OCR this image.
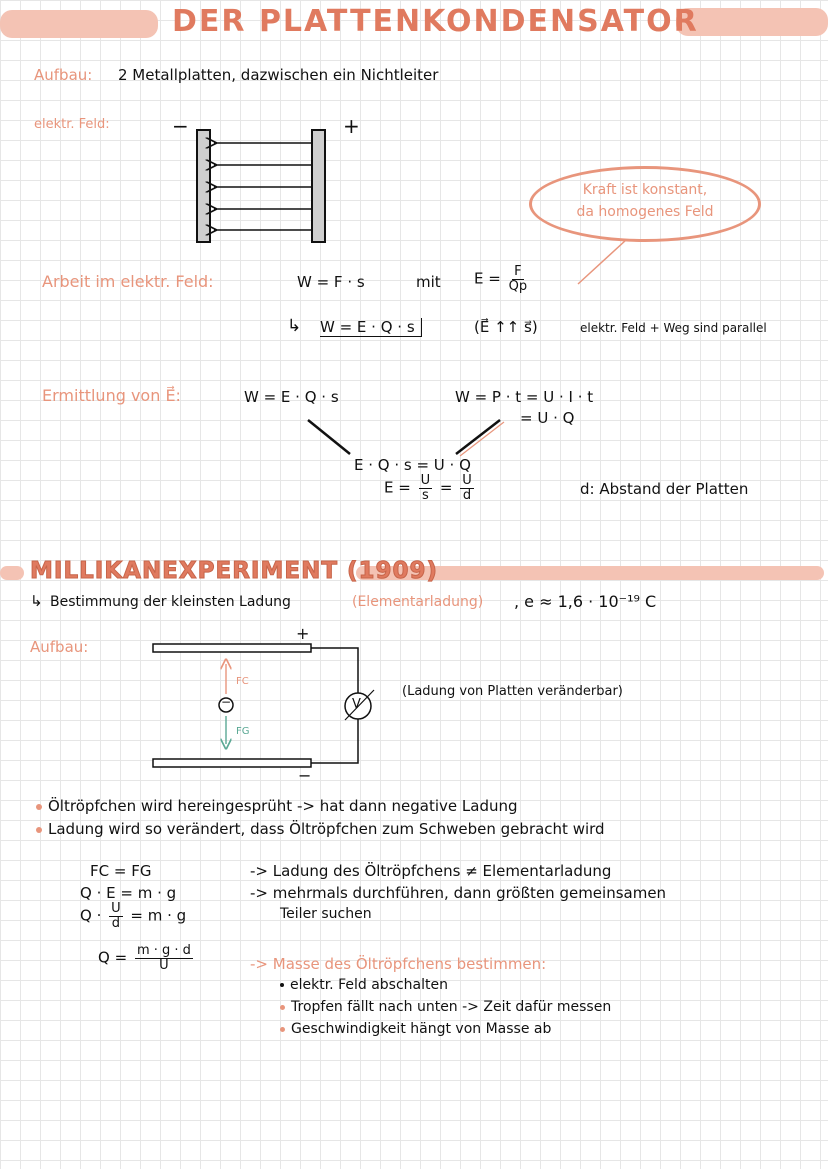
DER PLATTENKONDENSATOR
Aufbau: 2 Metallplatten, dazwischen ein Nichtleiter
elektr. Feld:	−	+
Kraft ist konstant,
da homogenes Feld
Arbeit im elektr. Feld:	W = F · s	mit $E = \frac{F}{Qp}$
↳ W = E · Q · s	(E⃗ ↑↑ s⃗)	elektr. Feld + Weg sind parallel
Ermittlung von E⃗:	W = E · Q · s	W = P · t = U · I · t
= U · Q
E · Q · s = U · Q
$E = \frac{U}{s} = \frac{U}{d}$	d: Abstand der Platten
MILLIKANEXPERIMENT (1909)
↳ Bestimmung der kleinsten Ladung	(Elementarladung) , e ≈ 1,6 · 10⁻¹⁹ C
Aufbau:
+
−
FC
FG
−	V
(Ladung von Platten veränderbar)
Öltröpfchen wird hereingesprüht -> hat dann negative Ladung
Ladung wird so verändert, dass Öltröpfchen zum Schweben gebracht wird
FC = FG
Q · E = m · g
$Q \cdot \frac{U}{d} = m \cdot g$
$Q = \frac{m \cdot g \cdot d}{U}$
-> Ladung des Öltröpfchens ≠ Elementarladung
-> mehrmals durchführen, dann größten gemeinsamen
Teiler suchen
-> Masse des Öltröpfchens bestimmen:
elektr. Feld abschalten
Tropfen fällt nach unten -> Zeit dafür messen
Geschwindigkeit hängt von Masse ab
